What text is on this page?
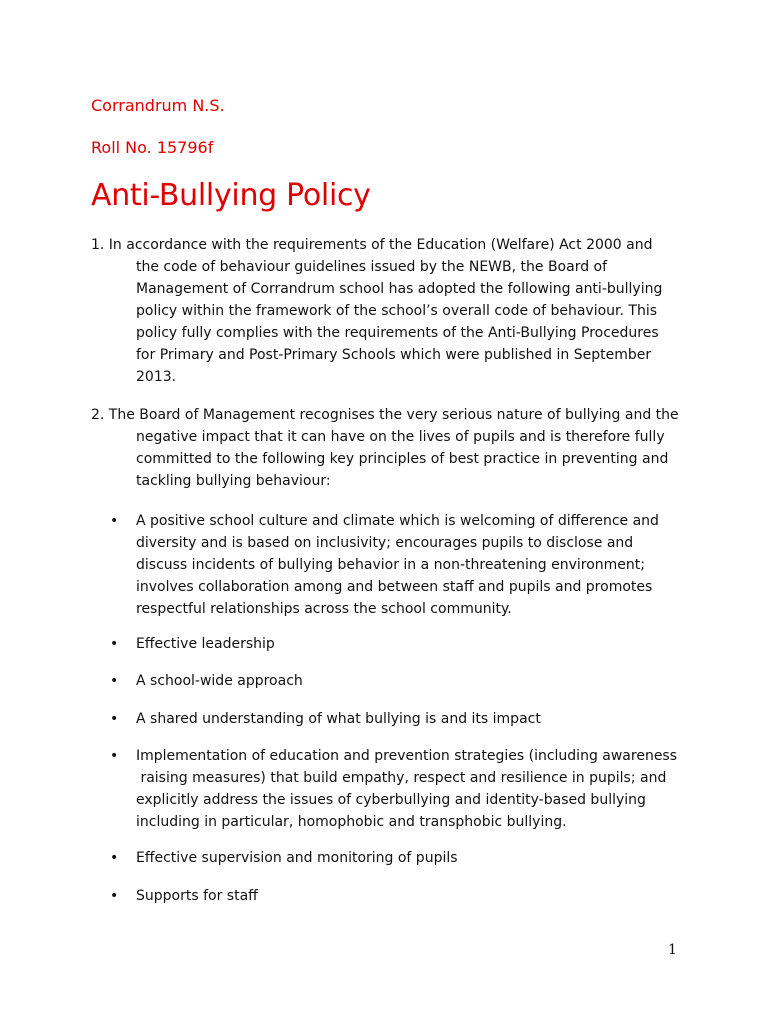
Corrandrum N.S.
Roll No. 15796f
Anti-Bullying Policy
1. In accordance with the requirements of the Education (Welfare) Act 2000 and
the code of behaviour guidelines issued by the NEWB, the Board of
Management of Corrandrum school has adopted the following anti-bullying
policy within the framework of the school’s overall code of behaviour. This
policy fully complies with the requirements of the Anti-Bullying Procedures
for Primary and Post-Primary Schools which were published in September
2013.
2. The Board of Management recognises the very serious nature of bullying and the
negative impact that it can have on the lives of pupils and is therefore fully
committed to the following key principles of best practice in preventing and
tackling bullying behaviour:
• A positive school culture and climate which is welcoming of difference and
diversity and is based on inclusivity; encourages pupils to disclose and
discuss incidents of bullying behavior in a non-threatening environment;
involves collaboration among and between staff and pupils and promotes
respectful relationships across the school community.
• Effective leadership
• A school-wide approach
• A shared understanding of what bullying is and its impact
• Implementation of education and prevention strategies (including awareness
raising measures) that build empathy, respect and resilience in pupils; and
explicitly address the issues of cyberbullying and identity-based bullying
including in particular, homophobic and transphobic bullying.
• Effective supervision and monitoring of pupils
• Supports for staff
1
